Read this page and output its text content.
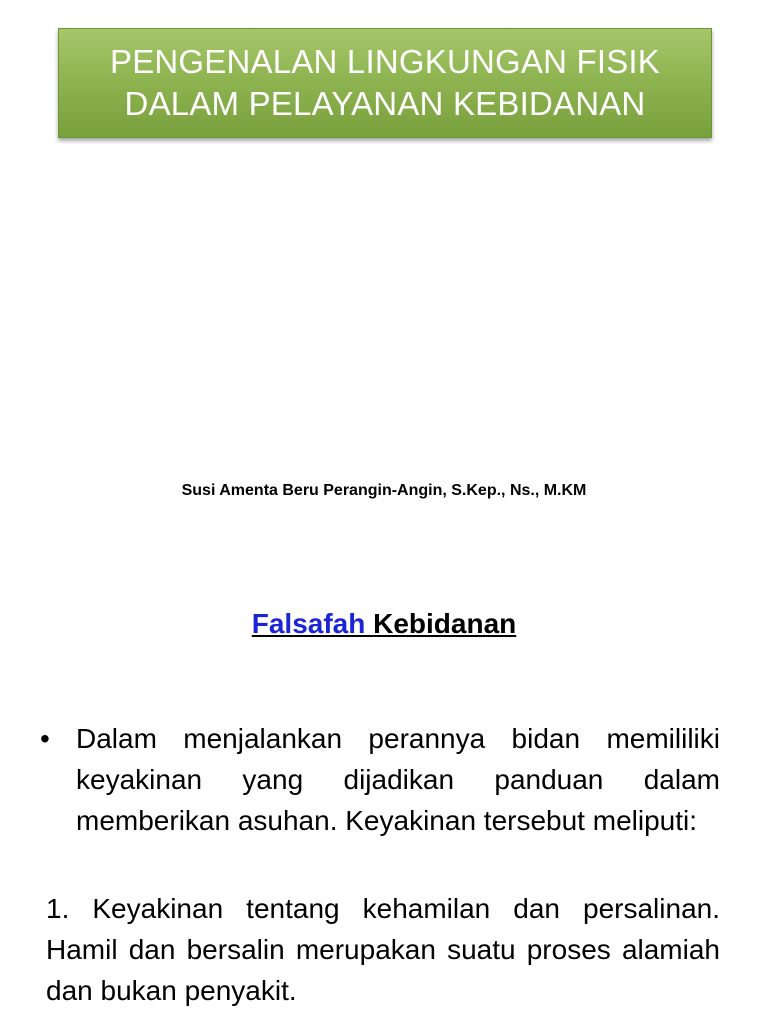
PENGENALAN LINGKUNGAN FISIK
DALAM PELAYANAN KEBIDANAN
Susi Amenta Beru Perangin-Angin, S.Kep., Ns., M.KM
Falsafah Kebidanan
• Dalam menjalankan perannya bidan memililiki keyakinan yang dijadikan panduan dalam memberikan asuhan. Keyakinan tersebut meliputi:
1. Keyakinan tentang kehamilan dan persalinan. Hamil dan bersalin merupakan suatu proses alamiah dan bukan penyakit.
